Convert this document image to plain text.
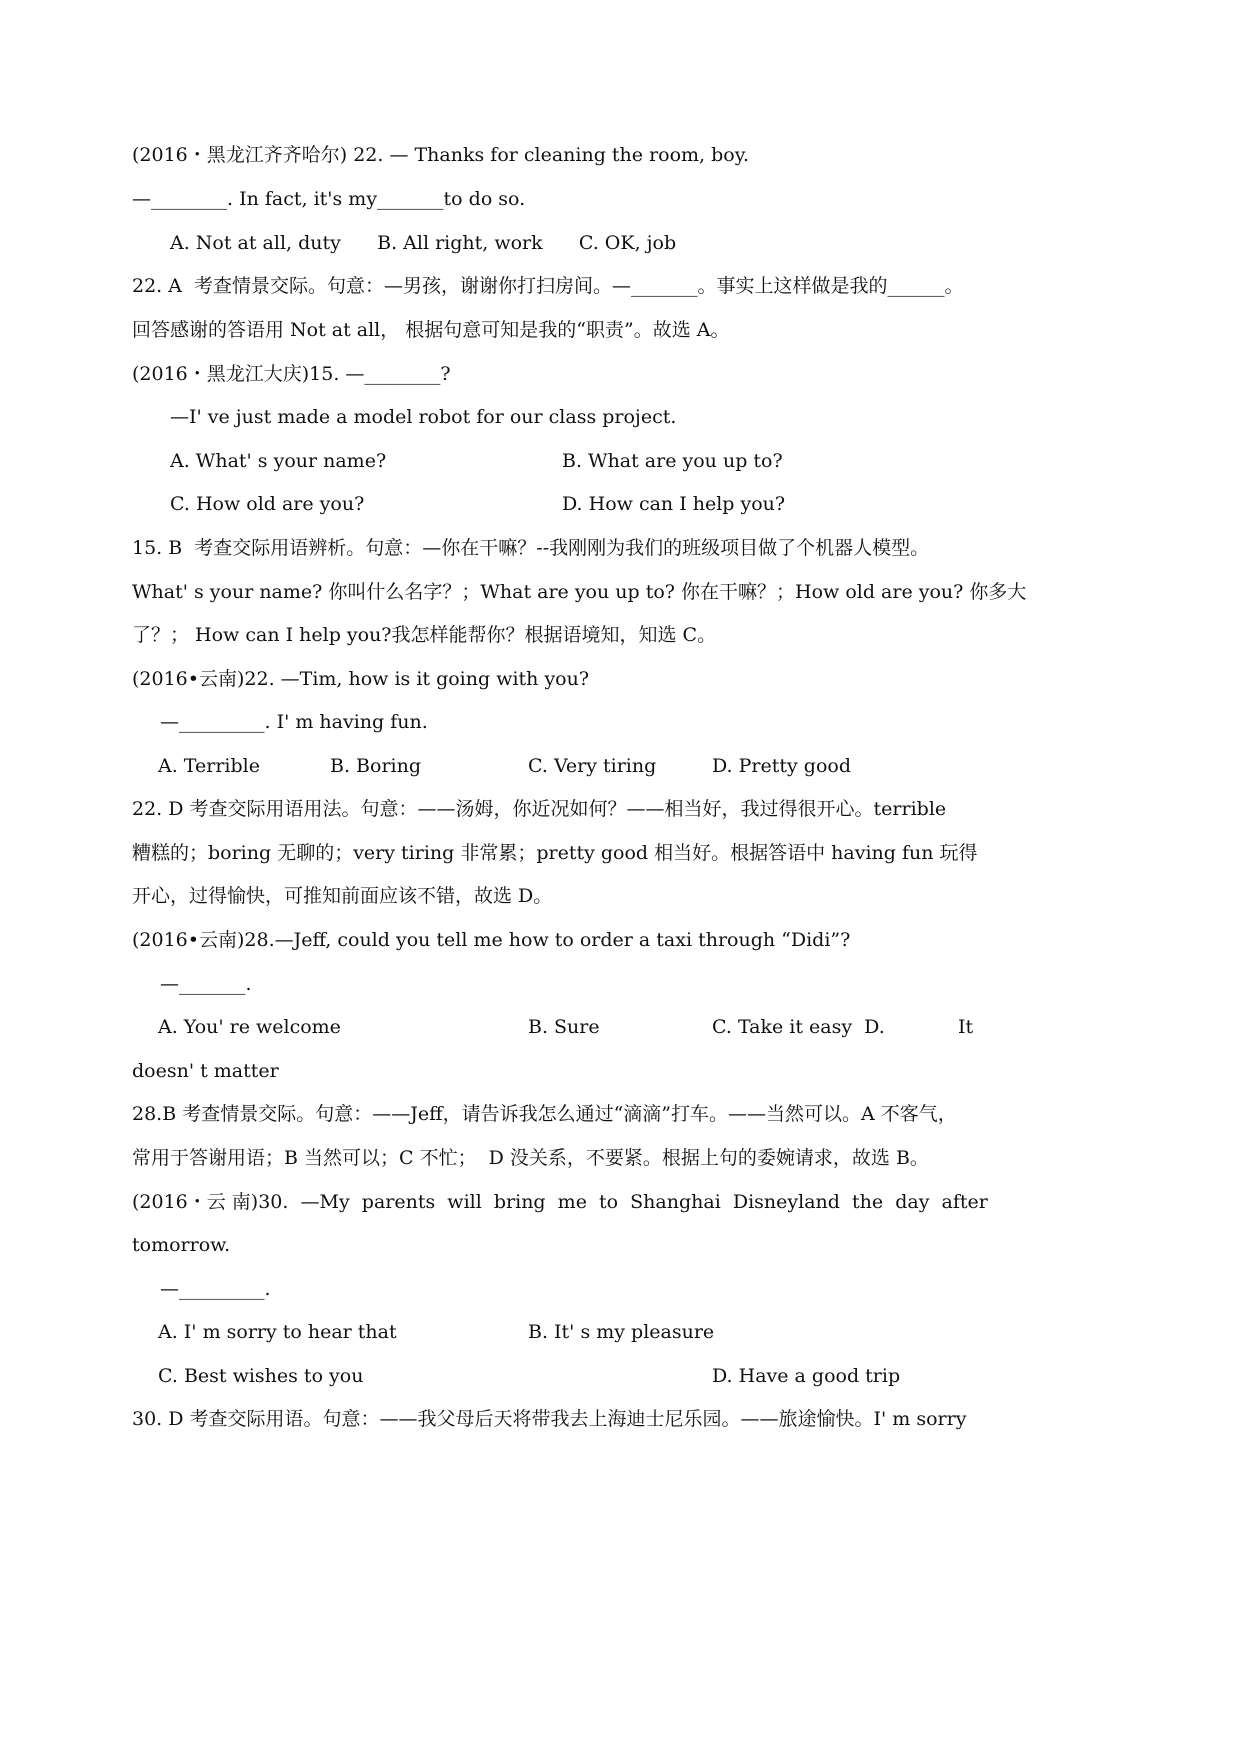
(2016・黑龙江齐齐哈尔) 22. — Thanks for cleaning the room, boy.
—________. In fact, it's my_______to do so.
A. Not at all, duty      B. All right, work      C. OK, job
22. A  考查情景交际。句意：—男孩，谢谢你打扫房间。—_______。事实上这样做是我的______。
回答感谢的答语用 Not at all， 根据句意可知是我的“职责”。故选 A。
(2016・黑龙江大庆)15. —________?
—I' ve just made a model robot for our class project.
A. What' s your name?	B. What are you up to?
C. How old are you?	D. How can I help you?
15. B  考查交际用语辨析。句意：—你在干嘛？--我刚刚为我们的班级项目做了个机器人模型。
What' s your name? 你叫什么名字？；What are you up to? 你在干嘛？；How old are you? 你多大
了？； How can I help you?我怎样能帮你？根据语境知，知选 C。
(2016•云南)22. —Tim, how is it going with you?
—_________. I' m having fun.
A. Terrible	B. Boring	C. Very tiring	D. Pretty good
22. D 考查交际用语用法。句意：——汤姆，你近况如何？——相当好，我过得很开心。terrible
糟糕的；boring 无聊的；very tiring 非常累；pretty good 相当好。根据答语中 having fun 玩得
开心，过得愉快，可推知前面应该不错，故选 D。
(2016•云南)28.—Jeff, could you tell me how to order a taxi through “Didi”?
—_______.
A. You' re welcome	B. Sure	C. Take it easy  D.	It
doesn' t matter
28.B 考查情景交际。句意：——Jeff，请告诉我怎么通过“滴滴”打车。——当然可以。A 不客气，
常用于答谢用语；B 当然可以；C 不忙；  D 没关系，不要紧。根据上句的委婉请求，故选 B。
(2016・云 南)30.  —My  parents  will  bring  me  to  Shanghai  Disneyland  the  day  after
tomorrow.
—_________.
A. I' m sorry to hear that	B. It' s my pleasure
C. Best wishes to you	D. Have a good trip
30. D 考查交际用语。句意：——我父母后天将带我去上海迪士尼乐园。——旅途愉快。I' m sorry
